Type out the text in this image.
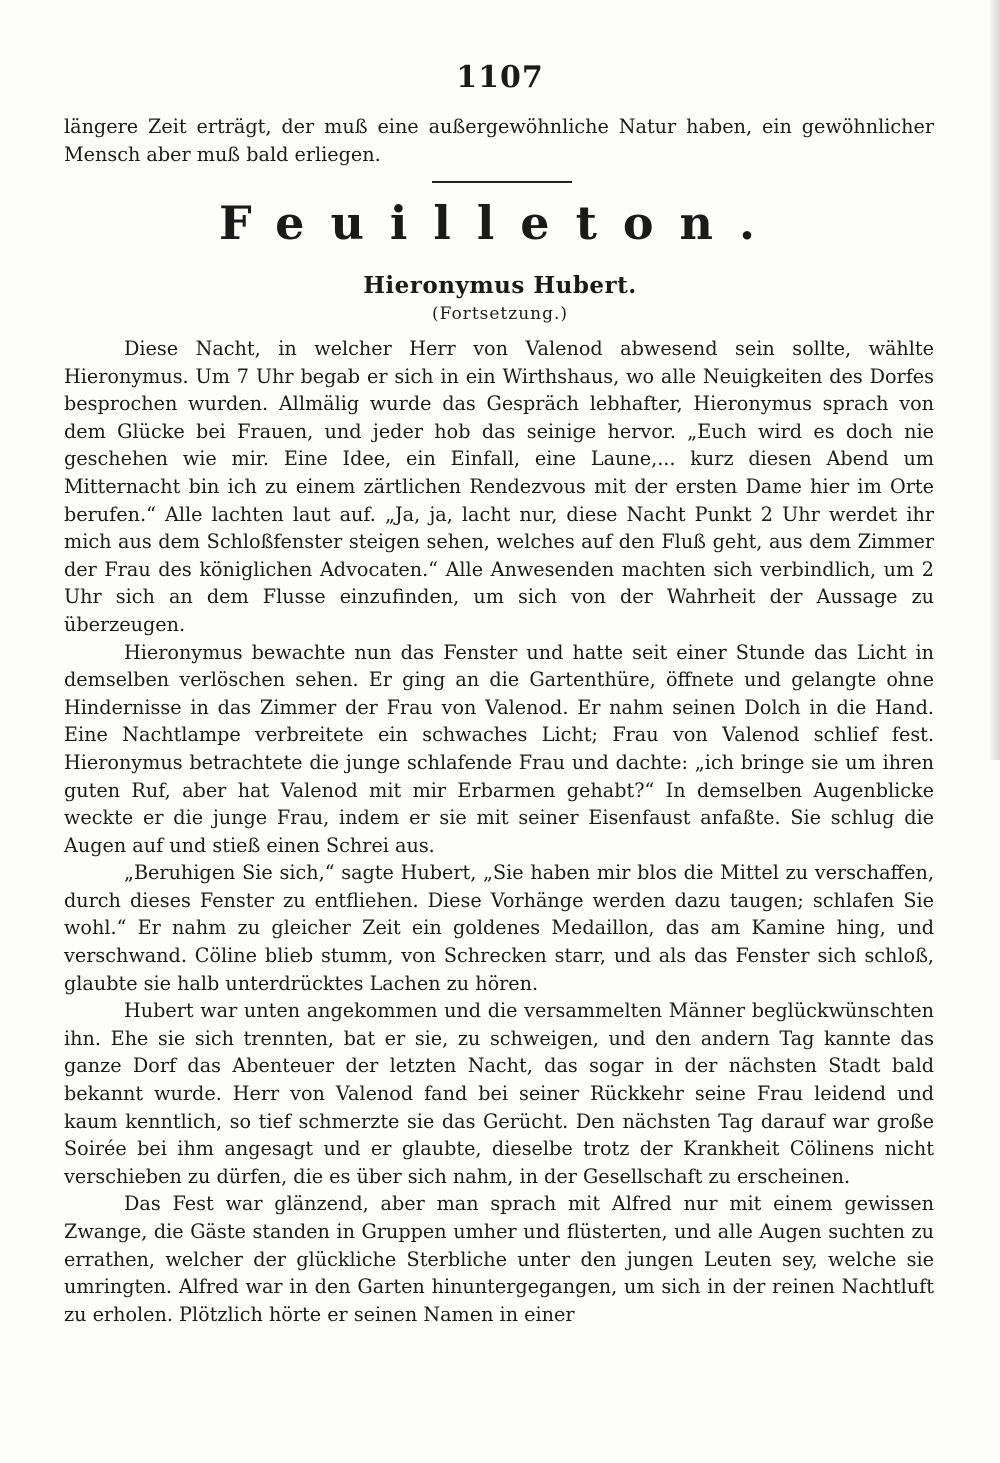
1107

längere Zeit erträgt, der muß eine außergewöhnliche Natur haben, ein gewöhnlicher Mensch aber muß bald erliegen.

Feuilleton.
Hieronymus Hubert.
(Fortsetzung.)

Diese Nacht, in welcher Herr von Valenod abwesend sein sollte, wählte Hieronymus. Um 7 Uhr begab er sich in ein Wirthshaus, wo alle Neuigkeiten des Dorfes besprochen wurden. Allmälig wurde das Gespräch lebhafter, Hieronymus sprach von dem Glücke bei Frauen, und jeder hob das seinige hervor. „Euch wird es doch nie geschehen wie mir. Eine Idee, ein Einfall, eine Laune,... kurz diesen Abend um Mitternacht bin ich zu einem zärtlichen Rendezvous mit der ersten Dame hier im Orte berufen.“ Alle lachten laut auf. „Ja, ja, lacht nur, diese Nacht Punkt 2 Uhr werdet ihr mich aus dem Schloßfenster steigen sehen, welches auf den Fluß geht, aus dem Zimmer der Frau des königlichen Advocaten.“ Alle Anwesenden machten sich verbindlich, um 2 Uhr sich an dem Flusse einzufinden, um sich von der Wahrheit der Aussage zu überzeugen.

Hieronymus bewachte nun das Fenster und hatte seit einer Stunde das Licht in demselben verlöschen sehen. Er ging an die Gartenthüre, öffnete und gelangte ohne Hindernisse in das Zimmer der Frau von Valenod. Er nahm seinen Dolch in die Hand. Eine Nachtlampe verbreitete ein schwaches Licht; Frau von Valenod schlief fest. Hieronymus betrachtete die junge schlafende Frau und dachte: „ich bringe sie um ihren guten Ruf, aber hat Valenod mit mir Erbarmen gehabt?“ In demselben Augenblicke weckte er die junge Frau, indem er sie mit seiner Eisenfaust anfaßte. Sie schlug die Augen auf und stieß einen Schrei aus.

„Beruhigen Sie sich,“ sagte Hubert, „Sie haben mir blos die Mittel zu verschaffen, durch dieses Fenster zu entfliehen. Diese Vorhänge werden dazu taugen; schlafen Sie wohl.“ Er nahm zu gleicher Zeit ein goldenes Medaillon, das am Kamine hing, und verschwand. Cöline blieb stumm, von Schrecken starr, und als das Fenster sich schloß, glaubte sie halb unterdrücktes Lachen zu hören.

Hubert war unten angekommen und die versammelten Männer beglückwünschten ihn. Ehe sie sich trennten, bat er sie, zu schweigen, und den andern Tag kannte das ganze Dorf das Abenteuer der letzten Nacht, das sogar in der nächsten Stadt bald bekannt wurde. Herr von Valenod fand bei seiner Rückkehr seine Frau leidend und kaum kenntlich, so tief schmerzte sie das Gerücht. Den nächsten Tag darauf war große Soirée bei ihm angesagt und er glaubte, dieselbe trotz der Krankheit Cölinens nicht verschieben zu dürfen, die es über sich nahm, in der Gesellschaft zu erscheinen.

Das Fest war glänzend, aber man sprach mit Alfred nur mit einem gewissen Zwange, die Gäste standen in Gruppen umher und flüsterten, und alle Augen suchten zu errathen, welcher der glückliche Sterbliche unter den jungen Leuten sey, welche sie umringten. Alfred war in den Garten hinuntergegangen, um sich in der reinen Nachtluft zu erholen. Plötzlich hörte er seinen Namen in einer
